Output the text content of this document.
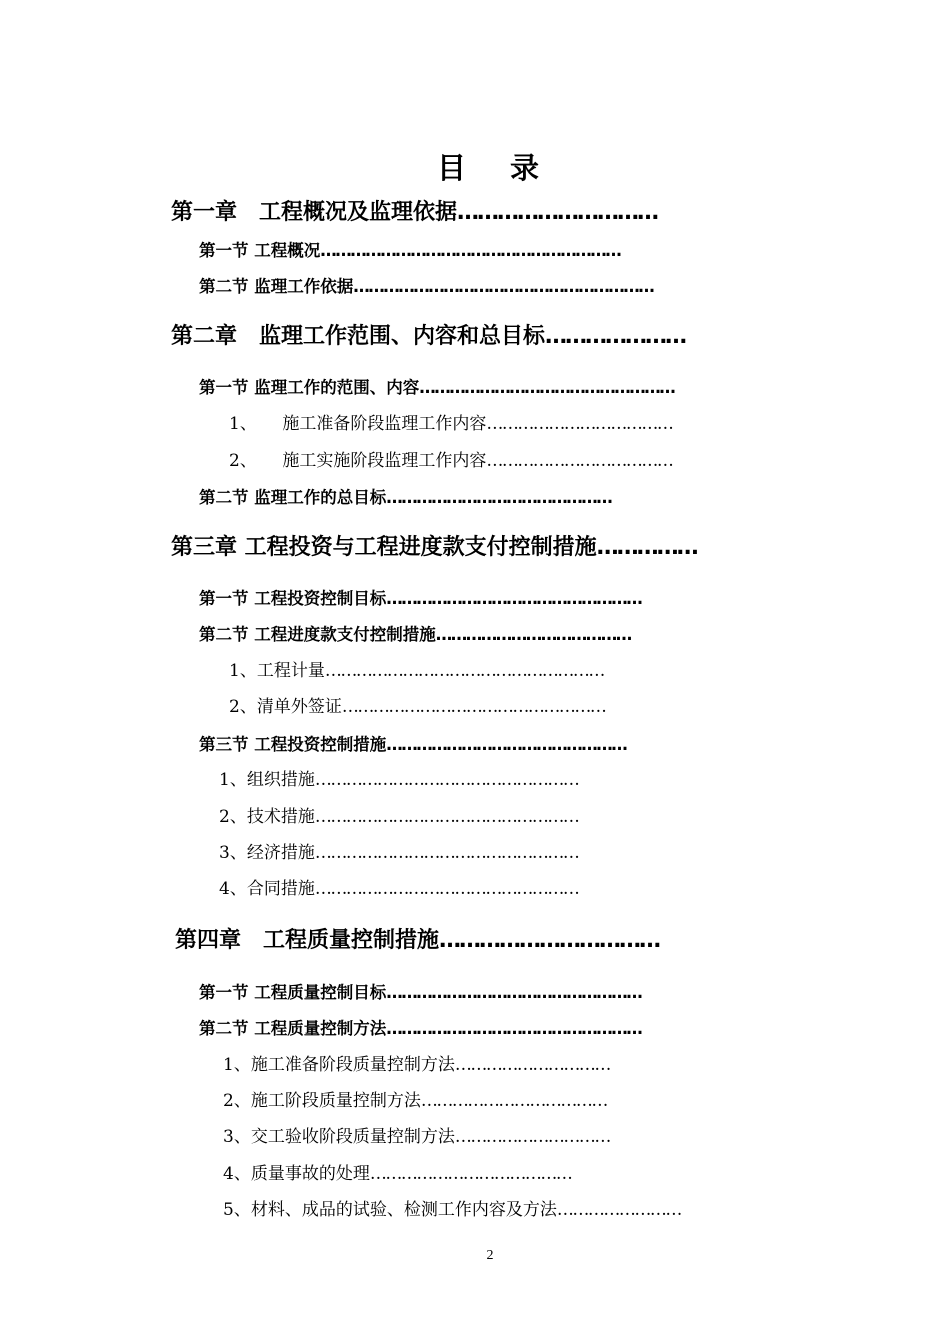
目 录
第一章　工程概况及监理依据…………………………
第一节 工程概况……………………………………………………
第二节 监理工作依据……………………………………………………
第二章　监理工作范围、内容和总目标…………………
第一节 监理工作的范围、内容……………………………………………
1、　　施工准备阶段监理工作内容………………………………
2、　　施工实施阶段监理工作内容………………………………
第二节 监理工作的总目标………………………………………
第三章 工程投资与工程进度款支付控制措施……………
第一节 工程投资控制目标……………………………………………
第二节 工程进度款支付控制措施…………………………………
1、工程计量………………………………………………
2、清单外签证……………………………………………
第三节 工程投资控制措施…………………………………………
1、组织措施……………………………………………
2、技术措施……………………………………………
3、经济措施……………………………………………
4、合同措施……………………………………………
第四章　工程质量控制措施……………………………
第一节 工程质量控制目标……………………………………………
第二节 工程质量控制方法……………………………………………
1、施工准备阶段质量控制方法…………………………
2、施工阶段质量控制方法………………………………
3、交工验收阶段质量控制方法…………………………
4、质量事故的处理…………………………………
5、材料、成品的试验、检测工作内容及方法……………………
2
